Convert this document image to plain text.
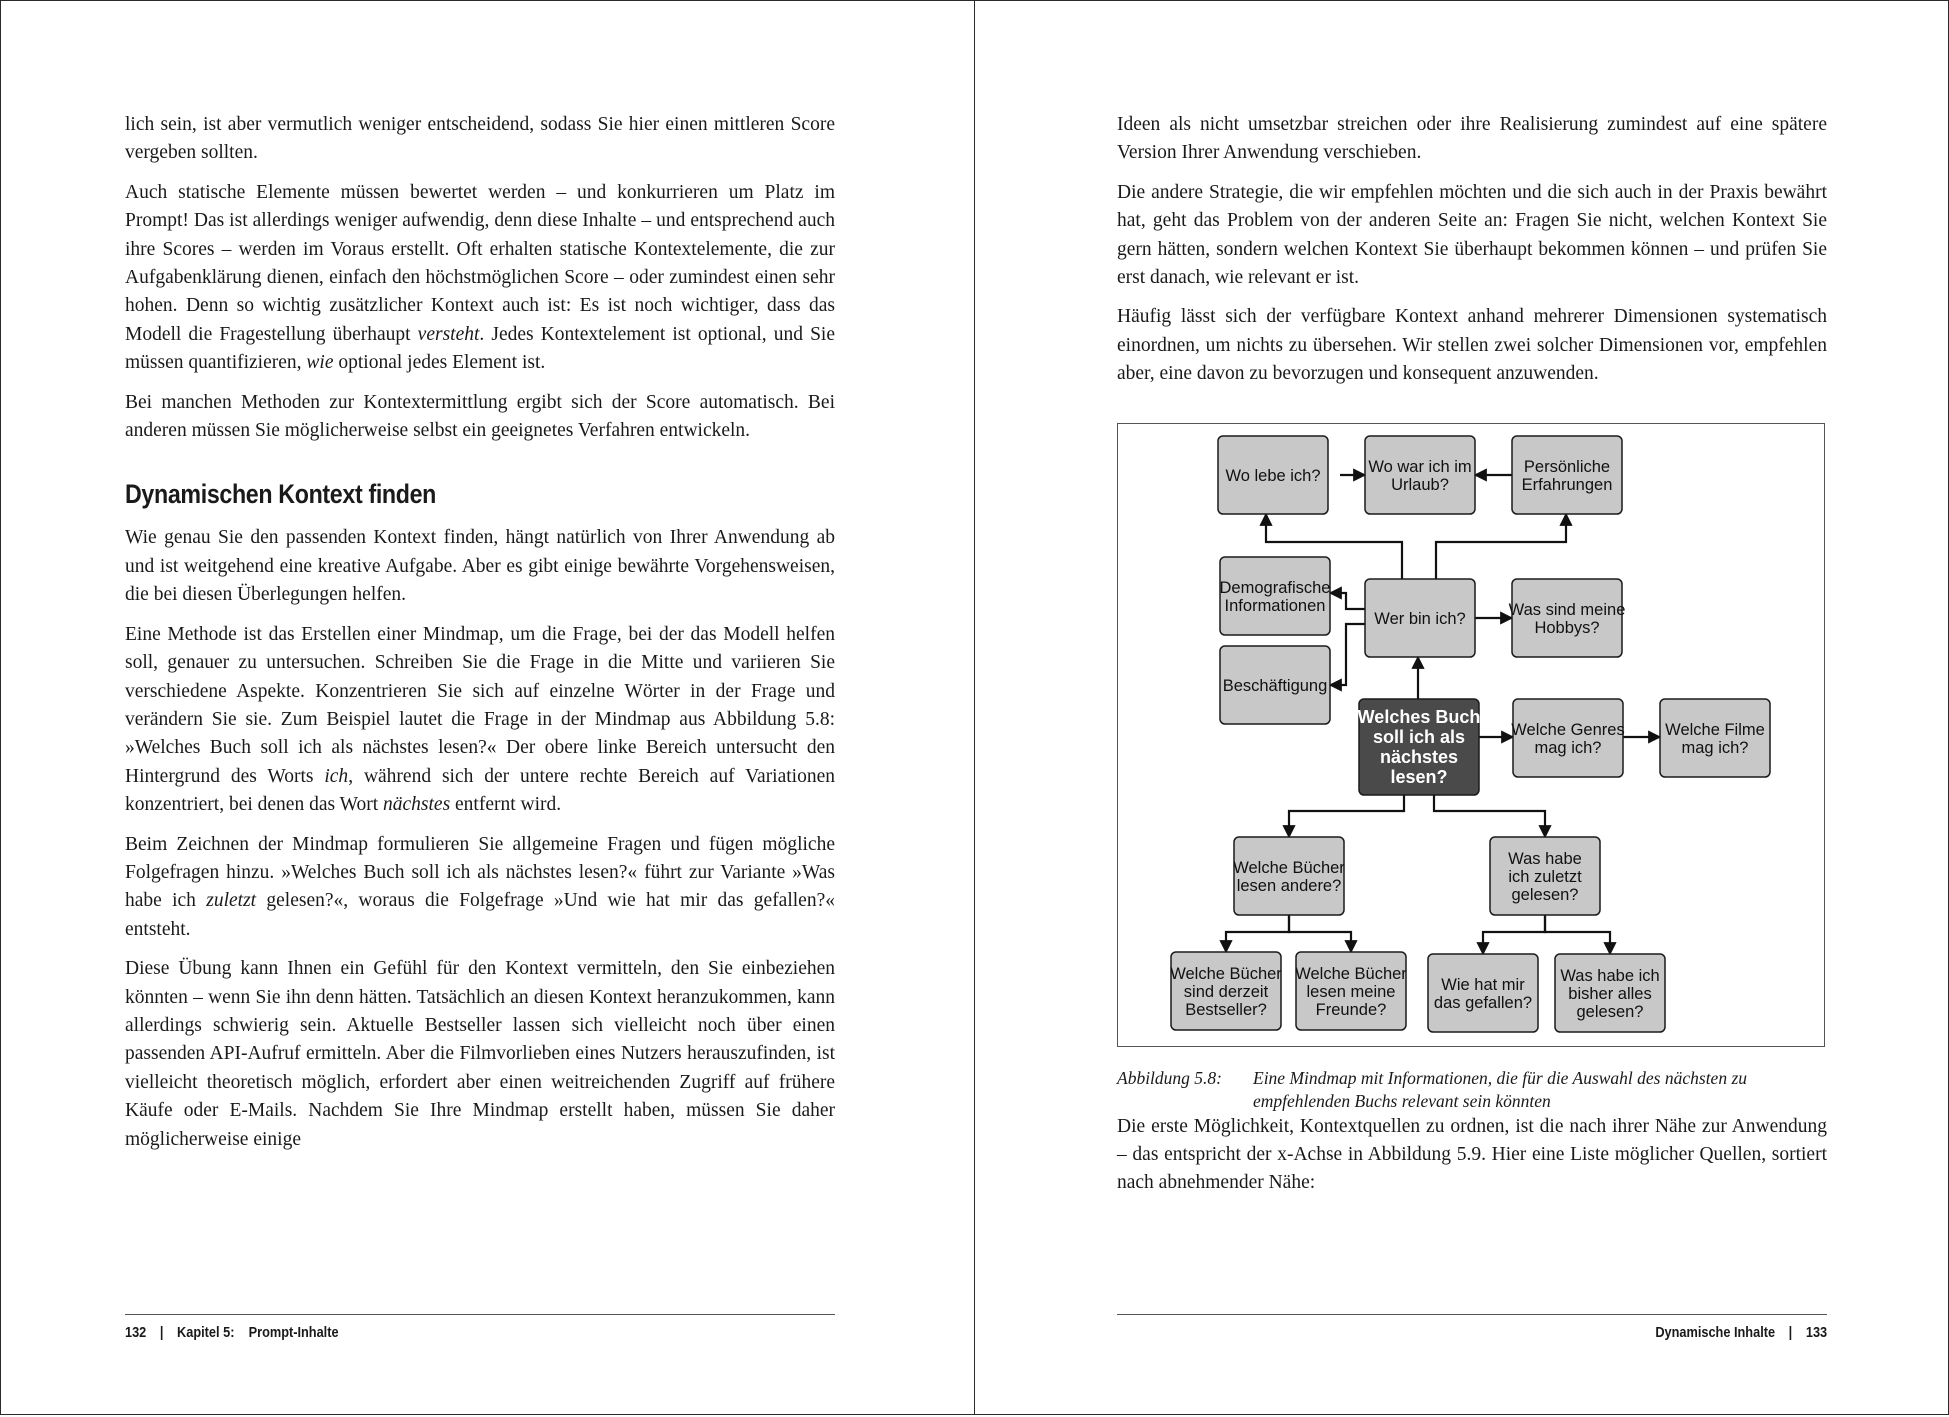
lich sein, ist aber vermutlich weniger entscheidend, sodass Sie hier einen mittleren Score vergeben sollten.

Auch statische Elemente müssen bewertet werden – und konkurrieren um Platz im Prompt! Das ist allerdings weniger aufwendig, denn diese Inhalte – und entsprechend auch ihre Scores – werden im Voraus erstellt. Oft erhalten statische Kontextelemente, die zur Aufgabenklärung dienen, einfach den höchstmöglichen Score – oder zumindest einen sehr hohen. Denn so wichtig zusätzlicher Kontext auch ist: Es ist noch wichtiger, dass das Modell die Fragestellung überhaupt versteht. Jedes Kontextelement ist optional, und Sie müssen quantifizieren, wie optional jedes Element ist.

Bei manchen Methoden zur Kontextermittlung ergibt sich der Score automatisch. Bei anderen müssen Sie möglicherweise selbst ein geeignetes Verfahren entwickeln.

Dynamischen Kontext finden

Wie genau Sie den passenden Kontext finden, hängt natürlich von Ihrer Anwendung ab und ist weitgehend eine kreative Aufgabe. Aber es gibt einige bewährte Vorgehensweisen, die bei diesen Überlegungen helfen.

Eine Methode ist das Erstellen einer Mindmap, um die Frage, bei der das Modell helfen soll, genauer zu untersuchen. Schreiben Sie die Frage in die Mitte und variieren Sie verschiedene Aspekte. Konzentrieren Sie sich auf einzelne Wörter in der Frage und verändern Sie sie. Zum Beispiel lautet die Frage in der Mindmap aus Abbildung 5.8: »Welches Buch soll ich als nächstes lesen?« Der obere linke Bereich untersucht den Hintergrund des Worts ich, während sich der untere rechte Bereich auf Variationen konzentriert, bei denen das Wort nächstes entfernt wird.

Beim Zeichnen der Mindmap formulieren Sie allgemeine Fragen und fügen mögliche Folgefragen hinzu. »Welches Buch soll ich als nächstes lesen?« führt zur Variante »Was habe ich zuletzt gelesen?«, woraus die Folgefrage »Und wie hat mir das gefallen?« entsteht.

Diese Übung kann Ihnen ein Gefühl für den Kontext vermitteln, den Sie einbeziehen könnten – wenn Sie ihn denn hätten. Tatsächlich an diesen Kontext heranzukommen, kann allerdings schwierig sein. Aktuelle Bestseller lassen sich vielleicht noch über einen passenden API-Aufruf ermitteln. Aber die Filmvorlieben eines Nutzers herauszufinden, ist vielleicht theoretisch möglich, erfordert aber einen weitreichenden Zugriff auf frühere Käufe oder E-Mails. Nachdem Sie Ihre Mindmap erstellt haben, müssen Sie daher möglicherweise einige

132 | Kapitel 5:    Prompt-Inhalte

Ideen als nicht umsetzbar streichen oder ihre Realisierung zumindest auf eine spätere Version Ihrer Anwendung verschieben.

Die andere Strategie, die wir empfehlen möchten und die sich auch in der Praxis bewährt hat, geht das Problem von der anderen Seite an: Fragen Sie nicht, welchen Kontext Sie gern hätten, sondern welchen Kontext Sie überhaupt bekommen können – und prüfen Sie erst danach, wie relevant er ist.

Häufig lässt sich der verfügbare Kontext anhand mehrerer Dimensionen systematisch einordnen, um nichts zu übersehen. Wir stellen zwei solcher Dimensionen vor, empfehlen aber, eine davon zu bevorzugen und konsequent anzuwenden.

Wo lebe ich?	Wo war ich im
Urlaub?
Persönliche
Erfahrungen
Demografische
Informationen
Wer bin ich?	Was sind meine
Hobbys?
Beschäftigung
Welches Buch
soll ich als
nächstes
lesen?
Welche Genres
mag ich?
Welche Filme
mag ich?
Welche Bücher
lesen andere?
Was habe
ich zuletzt
gelesen?
Welche Bücher
sind derzeit
Bestseller?
Welche Bücher
lesen meine
Freunde?
Wie hat mir
das gefallen?
Was habe ich
bisher alles
gelesen?
Abbildung 5.8:	Eine Mindmap mit Informationen, die für die Auswahl des nächsten zu empfehlenden Buchs relevant sein könnten

Die erste Möglichkeit, Kontextquellen zu ordnen, ist die nach ihrer Nähe zur Anwendung – das entspricht der x-Achse in Abbildung 5.9. Hier eine Liste möglicher Quellen, sortiert nach abnehmender Nähe:

Dynamische Inhalte | 133
